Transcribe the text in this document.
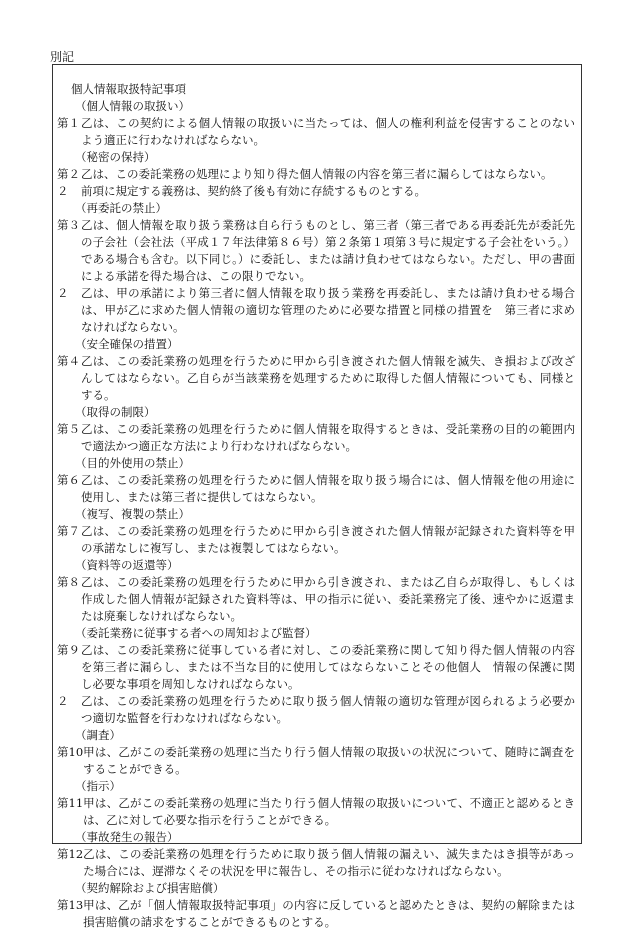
別記
個人情報取扱特記事項
（個人情報の取扱い）
第１ 乙は、この契約による個人情報の取扱いに当たっては、個人の権利利益を侵害することのないよう適正に行わなければならない。
（秘密の保持）
第２ 乙は、この委託業務の処理により知り得た個人情報の内容を第三者に漏らしてはならない。
２	前項に規定する義務は、契約終了後も有効に存続するものとする。
（再委託の禁止）
第３ 乙は、個人情報を取り扱う業務は自ら行うものとし、第三者（第三者である再委託先が委託先の子会社（会社法（平成１７年法律第８６号）第２条第１項第３号に規定する子会社をいう。）である場合も含む。以下同じ。）に委託し、または請け負わせてはならない。ただし、甲の書面による承諾を得た場合は、この限りでない。
２	乙は、甲の承諾により第三者に個人情報を取り扱う業務を再委託し、または請け負わせる場合は、甲が乙に求めた個人情報の適切な管理のために必要な措置と同様の措置を　第三者に求めなければならない。
（安全確保の措置）
第４ 乙は、この委託業務の処理を行うために甲から引き渡された個人情報を滅失、き損および改ざんしてはならない。乙自らが当該業務を処理するために取得した個人情報についても、同様とする。
（取得の制限）
第５ 乙は、この委託業務の処理を行うために個人情報を取得するときは、受託業務の目的の範囲内で適法かつ適正な方法により行わなければならない。
（目的外使用の禁止）
第６ 乙は、この委託業務の処理を行うために個人情報を取り扱う場合には、個人情報を他の用途に使用し、または第三者に提供してはならない。
（複写、複製の禁止）
第７ 乙は、この委託業務の処理を行うために甲から引き渡された個人情報が記録された資料等を甲の承諾なしに複写し、または複製してはならない。
（資料等の返還等）
第８ 乙は、この委託業務の処理を行うために甲から引き渡され、または乙自らが取得し、もしくは作成した個人情報が記録された資料等は、甲の指示に従い、委託業務完了後、速やかに返還または廃棄しなければならない。
（委託業務に従事する者への周知および監督）
第９ 乙は、この委託業務に従事している者に対し、この委託業務に関して知り得た個人情報の内容を第三者に漏らし、または不当な目的に使用してはならないことその他個人　情報の保護に関し必要な事項を周知しなければならない。
２	乙は、この委託業務の処理を行うために取り扱う個人情報の適切な管理が図られるよう必要かつ適切な監督を行わなければならない。
（調査）
第10 甲は、乙がこの委託業務の処理に当たり行う個人情報の取扱いの状況について、随時に調査をすることができる。
（指示）
第11 甲は、乙がこの委託業務の処理に当たり行う個人情報の取扱いについて、不適正と認めるときは、乙に対して必要な指示を行うことができる。
（事故発生の報告）
第12 乙は、この委託業務の処理を行うために取り扱う個人情報の漏えい、滅失またはき損等があった場合には、遅滞なくその状況を甲に報告し、その指示に従わなければならない。
（契約解除および損害賠償）
第13 甲は、乙が「個人情報取扱特記事項」の内容に反していると認めたときは、契約の解除または損害賠償の請求をすることができるものとする。
